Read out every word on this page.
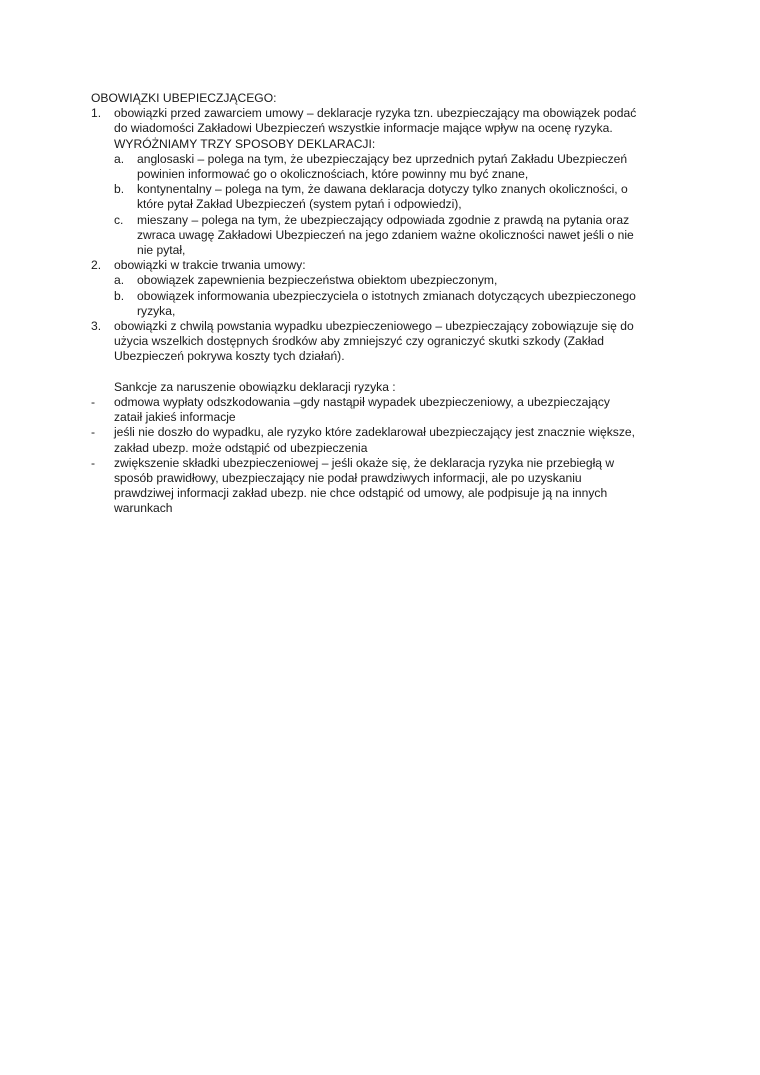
OBOWIĄZKI UBEPIECZJĄCEGO:
1.	obowiązki przed zawarciem umowy – deklaracje ryzyka tzn. ubezpieczający ma obowiązek podać
do wiadomości Zakładowi Ubezpieczeń wszystkie informacje mające wpływ na ocenę ryzyka.
WYRÓŻNIAMY TRZY SPOSOBY DEKLARACJI:
a.	anglosaski – polega na tym, że ubezpieczający bez uprzednich pytań Zakładu Ubezpieczeń
powinien informować go o okolicznościach, które powinny mu być znane,
b.	kontynentalny – polega na tym, że dawana deklaracja dotyczy tylko znanych okoliczności, o
które pytał Zakład Ubezpieczeń (system pytań i odpowiedzi),
c.	mieszany – polega na tym, że ubezpieczający odpowiada zgodnie z prawdą na pytania oraz
zwraca uwagę Zakładowi Ubezpieczeń na jego zdaniem ważne okoliczności nawet jeśli o nie
nie pytał,
2.	obowiązki w trakcie trwania umowy:
a.	obowiązek zapewnienia bezpieczeństwa obiektom ubezpieczonym,
b.	obowiązek informowania ubezpieczyciela o istotnych zmianach dotyczących ubezpieczonego
ryzyka,
3.	obowiązki z chwilą powstania wypadku ubezpieczeniowego – ubezpieczający zobowiązuje się do
użycia wszelkich dostępnych środków aby zmniejszyć czy ograniczyć skutki szkody (Zakład
Ubezpieczeń pokrywa koszty tych działań).
Sankcje za naruszenie obowiązku deklaracji ryzyka :
-	odmowa wypłaty odszkodowania –gdy nastąpił wypadek ubezpieczeniowy, a ubezpieczający
zataił jakieś informacje
-	jeśli nie doszło do wypadku, ale ryzyko które zadeklarował ubezpieczający jest znacznie większe,
zakład ubezp. może odstąpić od ubezpieczenia
-	zwiększenie składki ubezpieczeniowej – jeśli okaże się, że deklaracja ryzyka nie przebiegłą w
sposób prawidłowy, ubezpieczający nie podał prawdziwych informacji, ale po uzyskaniu
prawdziwej informacji zakład ubezp. nie chce odstąpić od umowy, ale podpisuje ją na innych
warunkach
